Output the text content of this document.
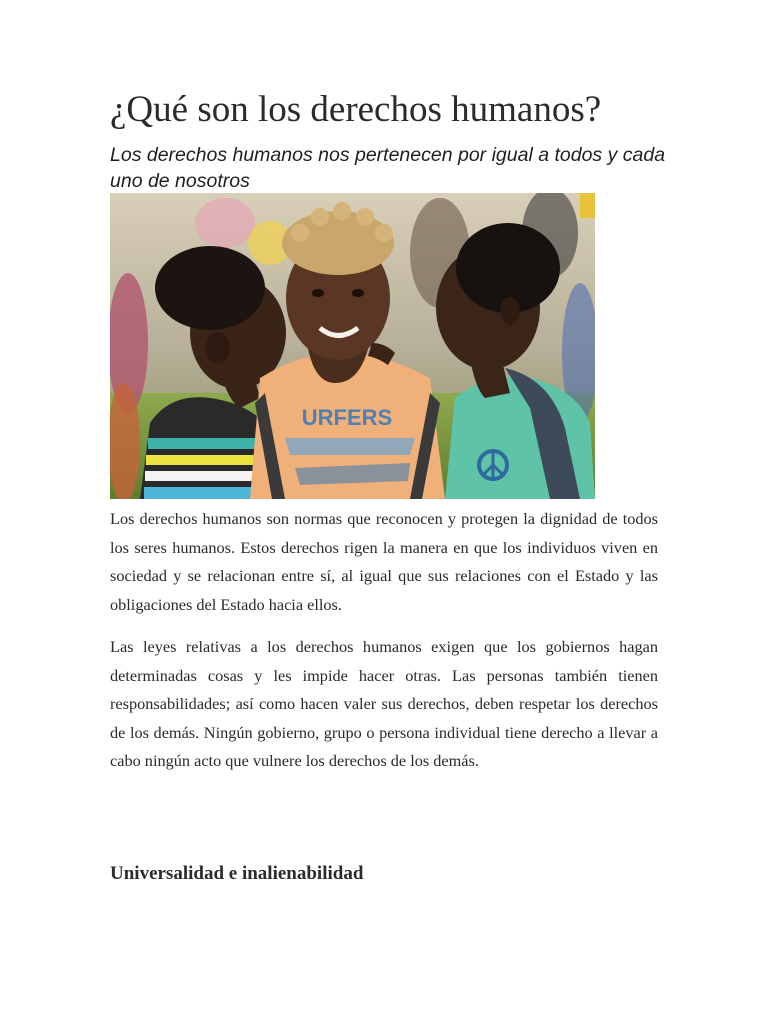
¿Qué son los derechos humanos?
Los derechos humanos nos pertenecen por igual a todos y cada uno de nosotros
URFERS

Los derechos humanos son normas que reconocen y protegen la dignidad de todos los seres humanos. Estos derechos rigen la manera en que los individuos viven en sociedad y se relacionan entre sí, al igual que sus relaciones con el Estado y las obligaciones del Estado hacia ellos.

Las leyes relativas a los derechos humanos exigen que los gobiernos hagan determinadas cosas y les impide hacer otras. Las personas también tienen responsabilidades; así como hacen valer sus derechos, deben respetar los derechos de los demás. Ningún gobierno, grupo o persona individual tiene derecho a llevar a cabo ningún acto que vulnere los derechos de los demás.

Universalidad e inalienabilidad
